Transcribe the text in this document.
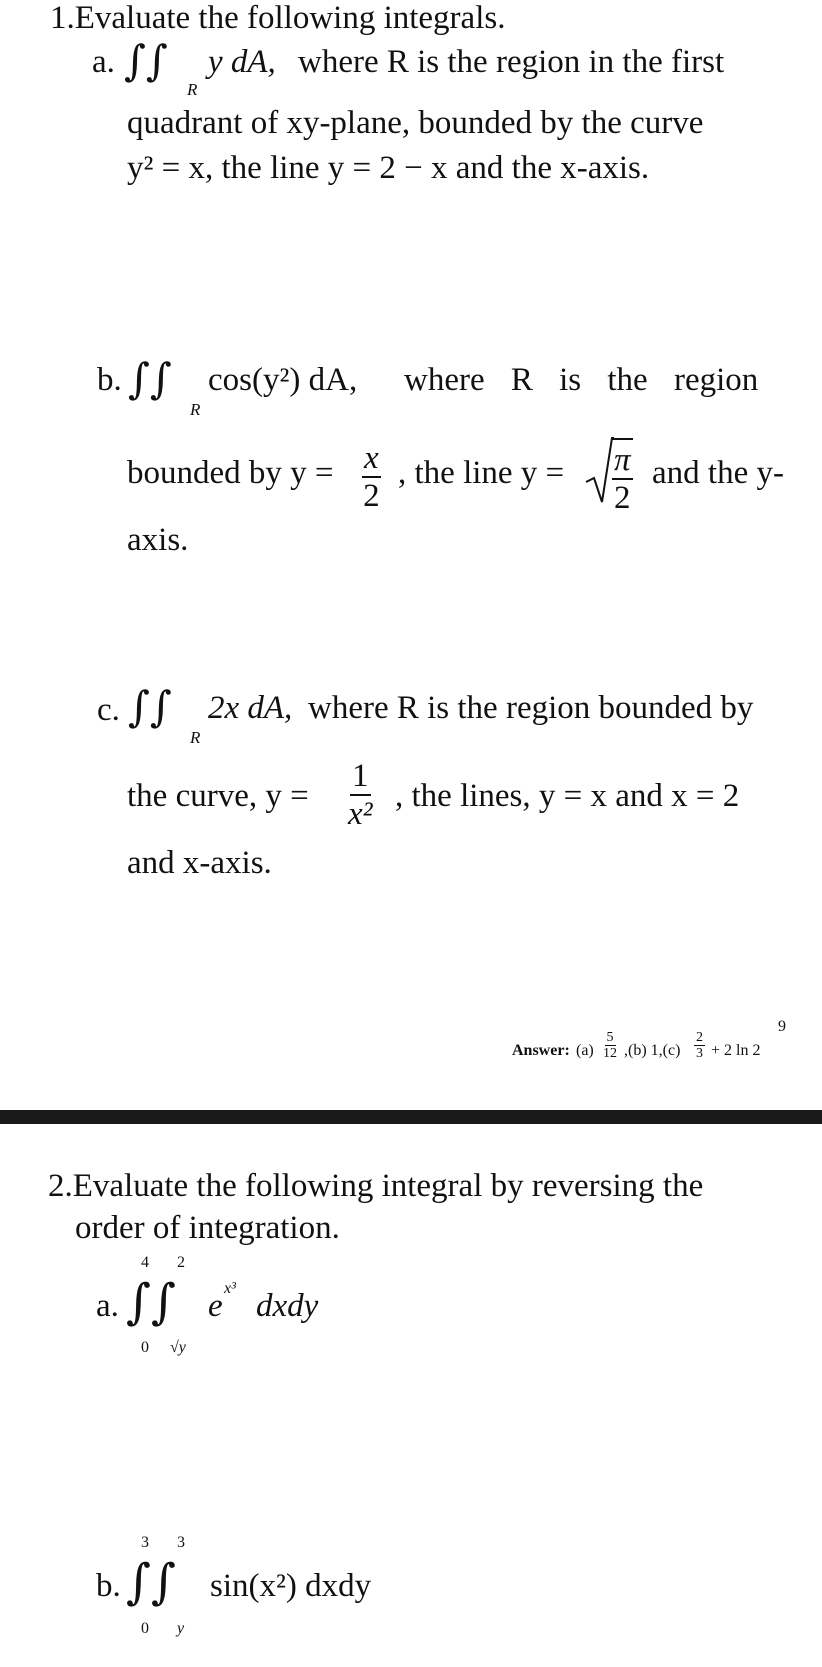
1.Evaluate the following integrals.
a. ∫∫
R
y dA, where R is the region in the first
quadrant of xy-plane, bounded by the curve
y² = x, the line y = 2 − x and the x-axis.
b. ∫∫
R
cos(y²) dA, where R is the region
bounded by $y = \frac{x}{2}$ , the line $y = \frac{\pi}{2}$ and the y-
axis.
c. ∫∫
R
2x dA, where R is the region bounded by
the curve, $y = \frac{1}{\text{x²}}$ , the lines, y = x and x = 2
and x-axis.
Answer: $(a) \frac{5}{12} ,(b)$ $1,(c) \frac{2}{3} + 2$ ln 2
9
2.Evaluate the following integral by reversing the
order of integration.
a.
4 2
∫∫
0 √y
e x³ dxdy
b.
3 3
∫∫
0 y
sin(x²) dxdy
